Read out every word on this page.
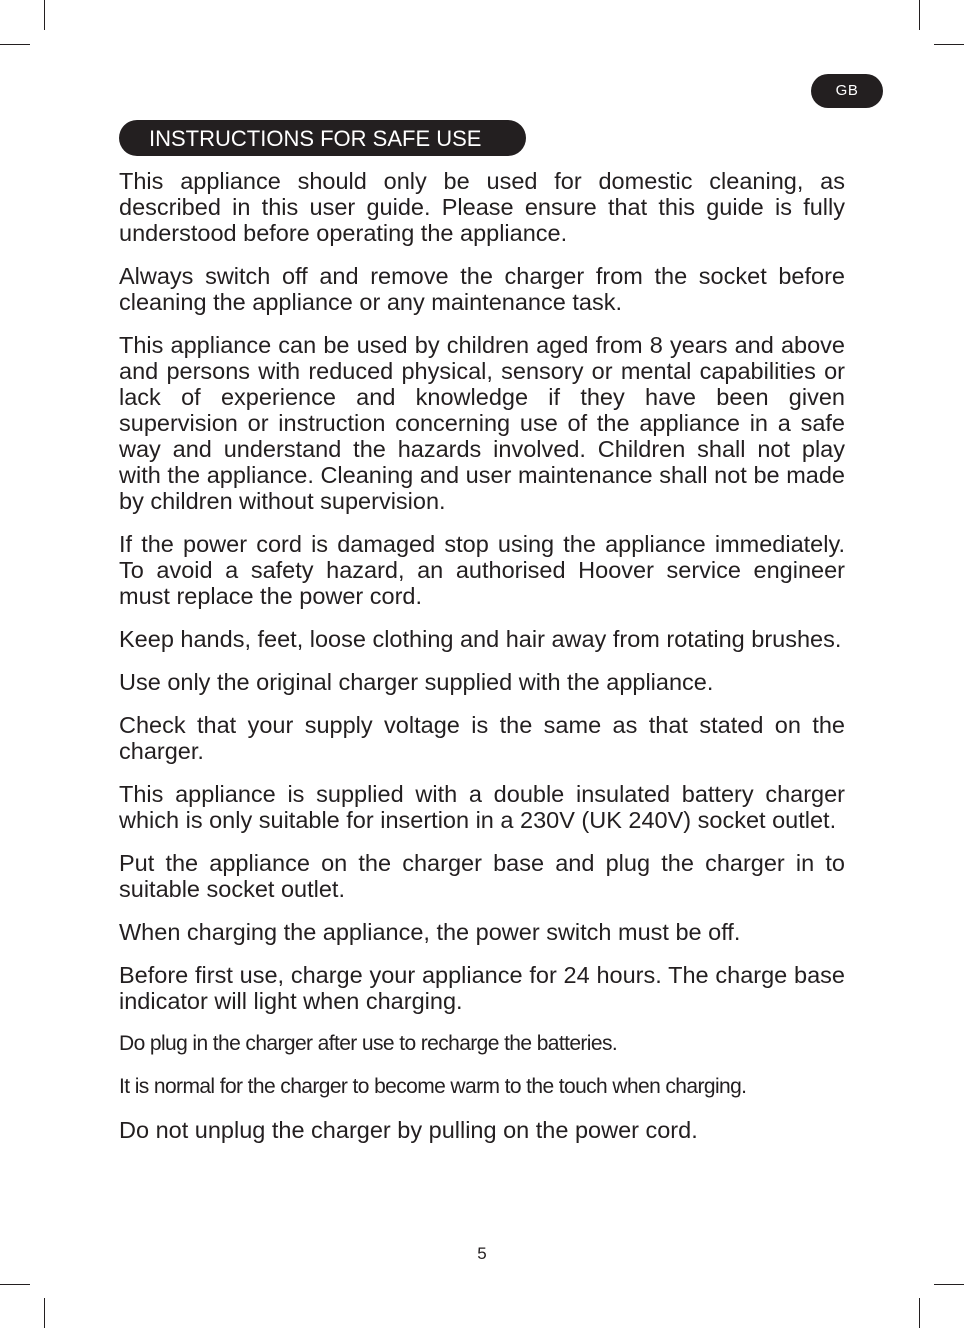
GB
INSTRUCTIONS FOR SAFE USE

This appliance should only be used for domestic cleaning, as described in this user guide. Please ensure that this guide is fully understood before operating the appliance.

Always switch off and remove the charger from the socket before cleaning the appliance or any maintenance task.

This appliance can be used by children aged from 8 years and above and persons with reduced physical, sensory or mental capabilities or lack of experience and knowledge if they have been given supervision or instruction concerning use of the appliance in a safe way and understand the hazards involved. Children shall not play with the appliance. Cleaning and user maintenance shall not be made by children without supervision.

If the power cord is damaged stop using the appliance immediately. To avoid a safety hazard, an authorised Hoover service engineer must replace the power cord.

Keep hands, feet, loose clothing and hair away from rotating brushes.

Use only the original charger supplied with the appliance.

Check that your supply voltage is the same as that stated on the charger.

This appliance is supplied with a double insulated battery charger which is only suitable for insertion in a 230V (UK 240V) socket outlet.

Put the appliance on the charger base and plug the charger in to suitable socket outlet.

When charging the appliance, the power switch must be off.

Before first use, charge your appliance for 24 hours. The charge base indicator will light when charging.

Do plug in the charger after use to recharge the batteries.

It is normal for the charger to become warm to the touch when charging.

Do not unplug the charger by pulling on the power cord.

5
